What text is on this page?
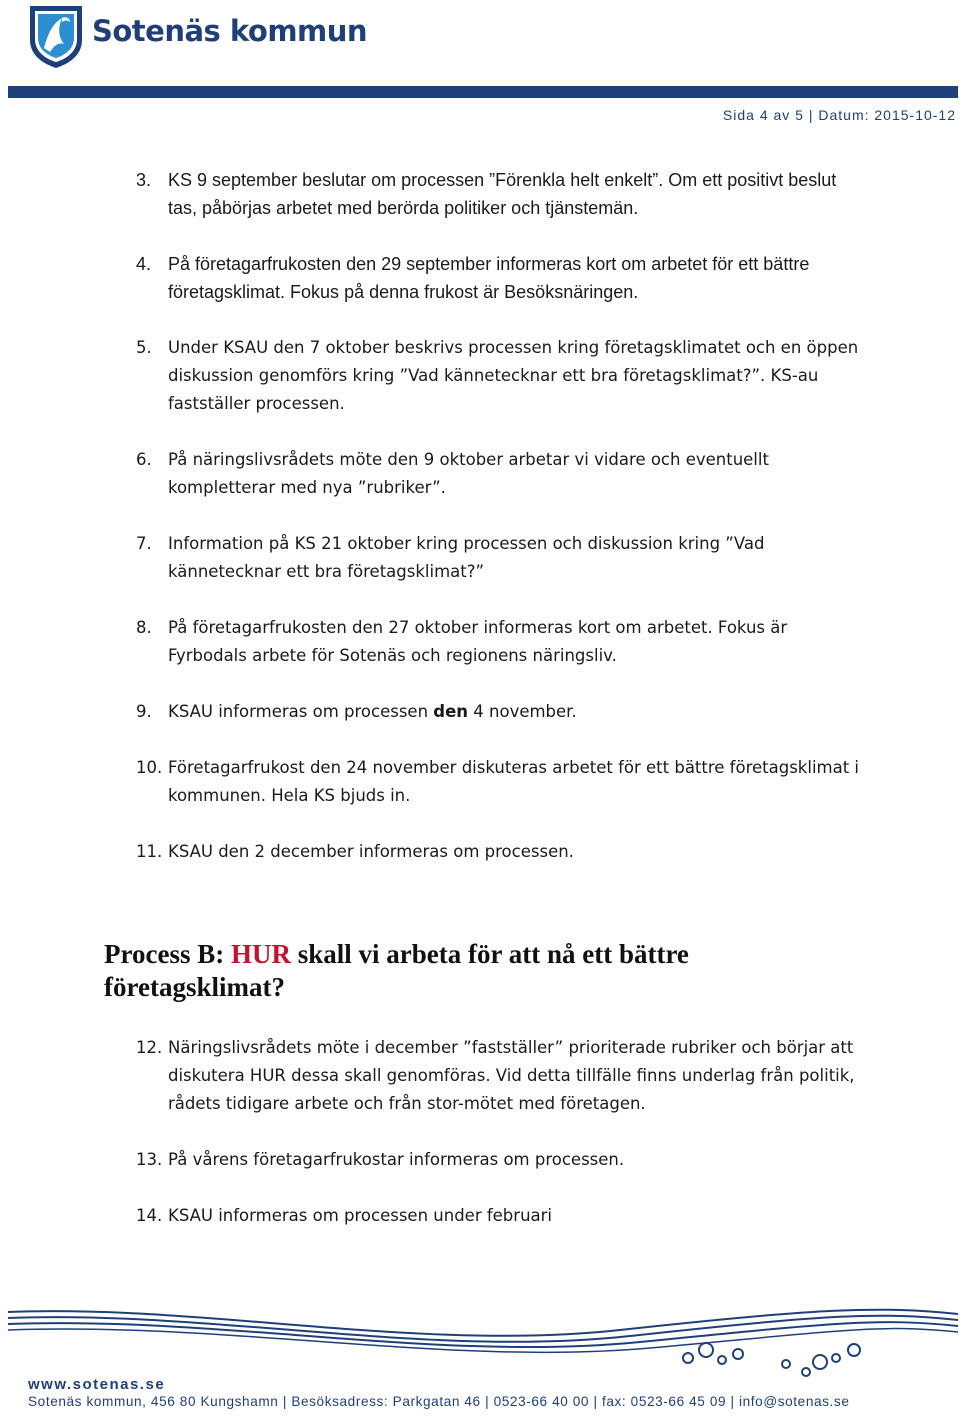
Sotenäs kommun
Sida 4 av 5 | Datum: 2015-10-12
3. KS 9 september beslutar om processen ”Förenkla helt enkelt”. Om ett positivt beslut tas, påbörjas arbetet med berörda politiker och tjänstemän.
4. På företagarfrukosten den 29 september informeras kort om arbetet för ett bättre företagsklimat. Fokus på denna frukost är Besöksnäringen.
5. Under KSAU den 7 oktober beskrivs processen kring företagsklimatet och en öppen diskussion genomförs kring ”Vad kännetecknar ett bra företagsklimat?”. KS-au fastställer processen.
6. På näringslivsrådets möte den 9 oktober arbetar vi vidare och eventuellt kompletterar med nya ”rubriker”.
7. Information på KS 21 oktober kring processen och diskussion kring ”Vad kännetecknar ett bra företagsklimat?”
8. På företagarfrukosten den 27 oktober informeras kort om arbetet. Fokus är Fyrbodals arbete för Sotenäs och regionens näringsliv.
9. KSAU informeras om processen den 4 november.
10. Företagarfrukost den 24 november diskuteras arbetet för ett bättre företagsklimat i kommunen. Hela KS bjuds in.
11. KSAU den 2 december informeras om processen.
Process B: HUR skall vi arbeta för att nå ett bättre företagsklimat?
12. Näringslivsrådets möte i december ”fastställer” prioriterade rubriker och börjar att diskutera HUR dessa skall genomföras. Vid detta tillfälle finns underlag från politik, rådets tidigare arbete och från stor-mötet med företagen.
13. På vårens företagarfrukostar informeras om processen.
14. KSAU informeras om processen under februari
www.sotenas.se
Sotenäs kommun, 456 80 Kungshamn | Besöksadress: Parkgatan 46 | 0523-66 40 00 | fax: 0523-66 45 09 | info@sotenas.se
